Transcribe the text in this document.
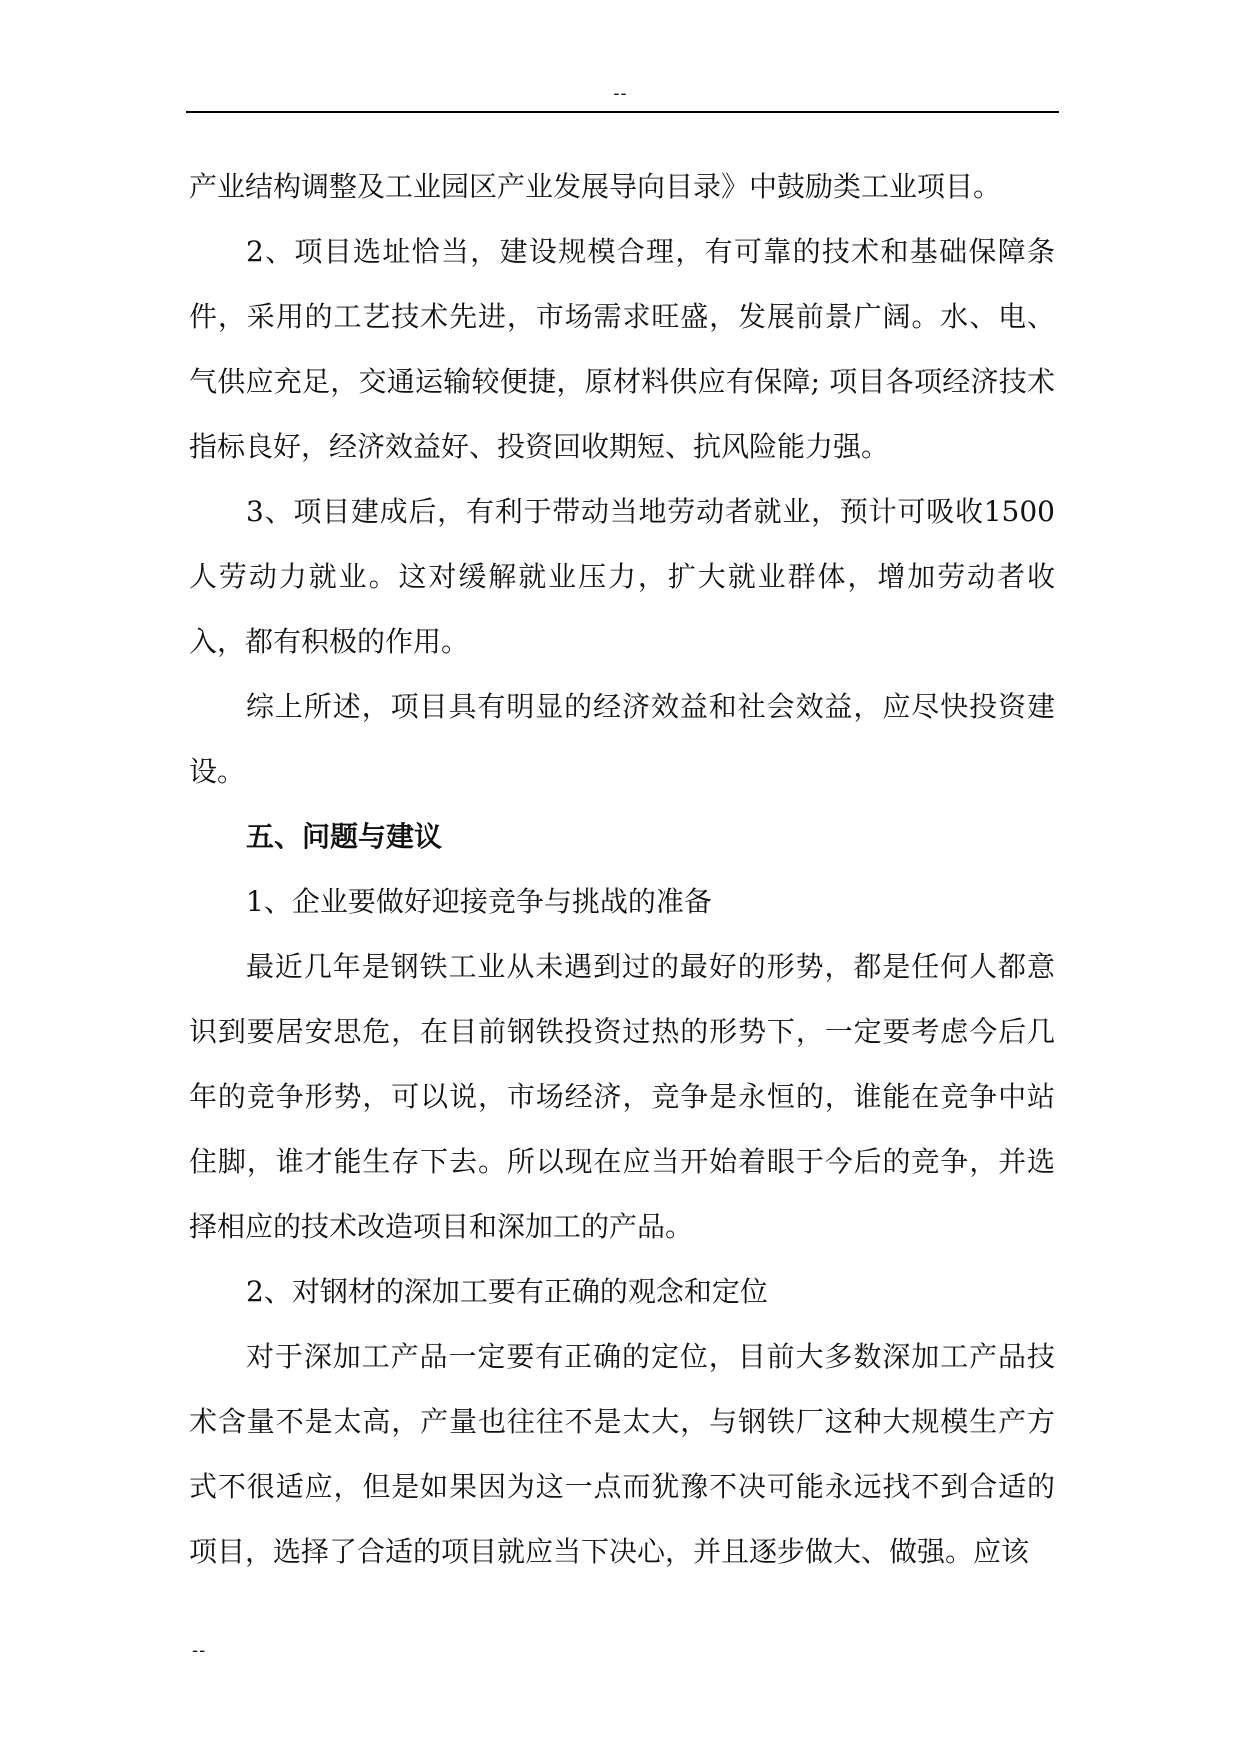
--

产业结构调整及工业园区产业发展导向目录》中鼓励类工业项目。

2、项目选址恰当，建设规模合理，有可靠的技术和基础保障条件，采用的工艺技术先进，市场需求旺盛，发展前景广阔。水、电、气供应充足，交通运输较便捷，原材料供应有保障; 项目各项经济技术指标良好，经济效益好、投资回收期短、抗风险能力强。

3、项目建成后，有利于带动当地劳动者就业，预计可吸收1500人劳动力就业。这对缓解就业压力，扩大就业群体，增加劳动者收入，都有积极的作用。

综上所述，项目具有明显的经济效益和社会效益，应尽快投资建设。

五、问题与建议

1、企业要做好迎接竞争与挑战的准备

最近几年是钢铁工业从未遇到过的最好的形势，都是任何人都意识到要居安思危，在目前钢铁投资过热的形势下，一定要考虑今后几年的竞争形势，可以说，市场经济，竞争是永恒的，谁能在竞争中站住脚，谁才能生存下去。所以现在应当开始着眼于今后的竞争，并选择相应的技术改造项目和深加工的产品。

2、对钢材的深加工要有正确的观念和定位

对于深加工产品一定要有正确的定位，目前大多数深加工产品技术含量不是太高，产量也往往不是太大，与钢铁厂这种大规模生产方式不很适应，但是如果因为这一点而犹豫不决可能永远找不到合适的项目，选择了合适的项目就应当下决心，并且逐步做大、做强。应该

--
